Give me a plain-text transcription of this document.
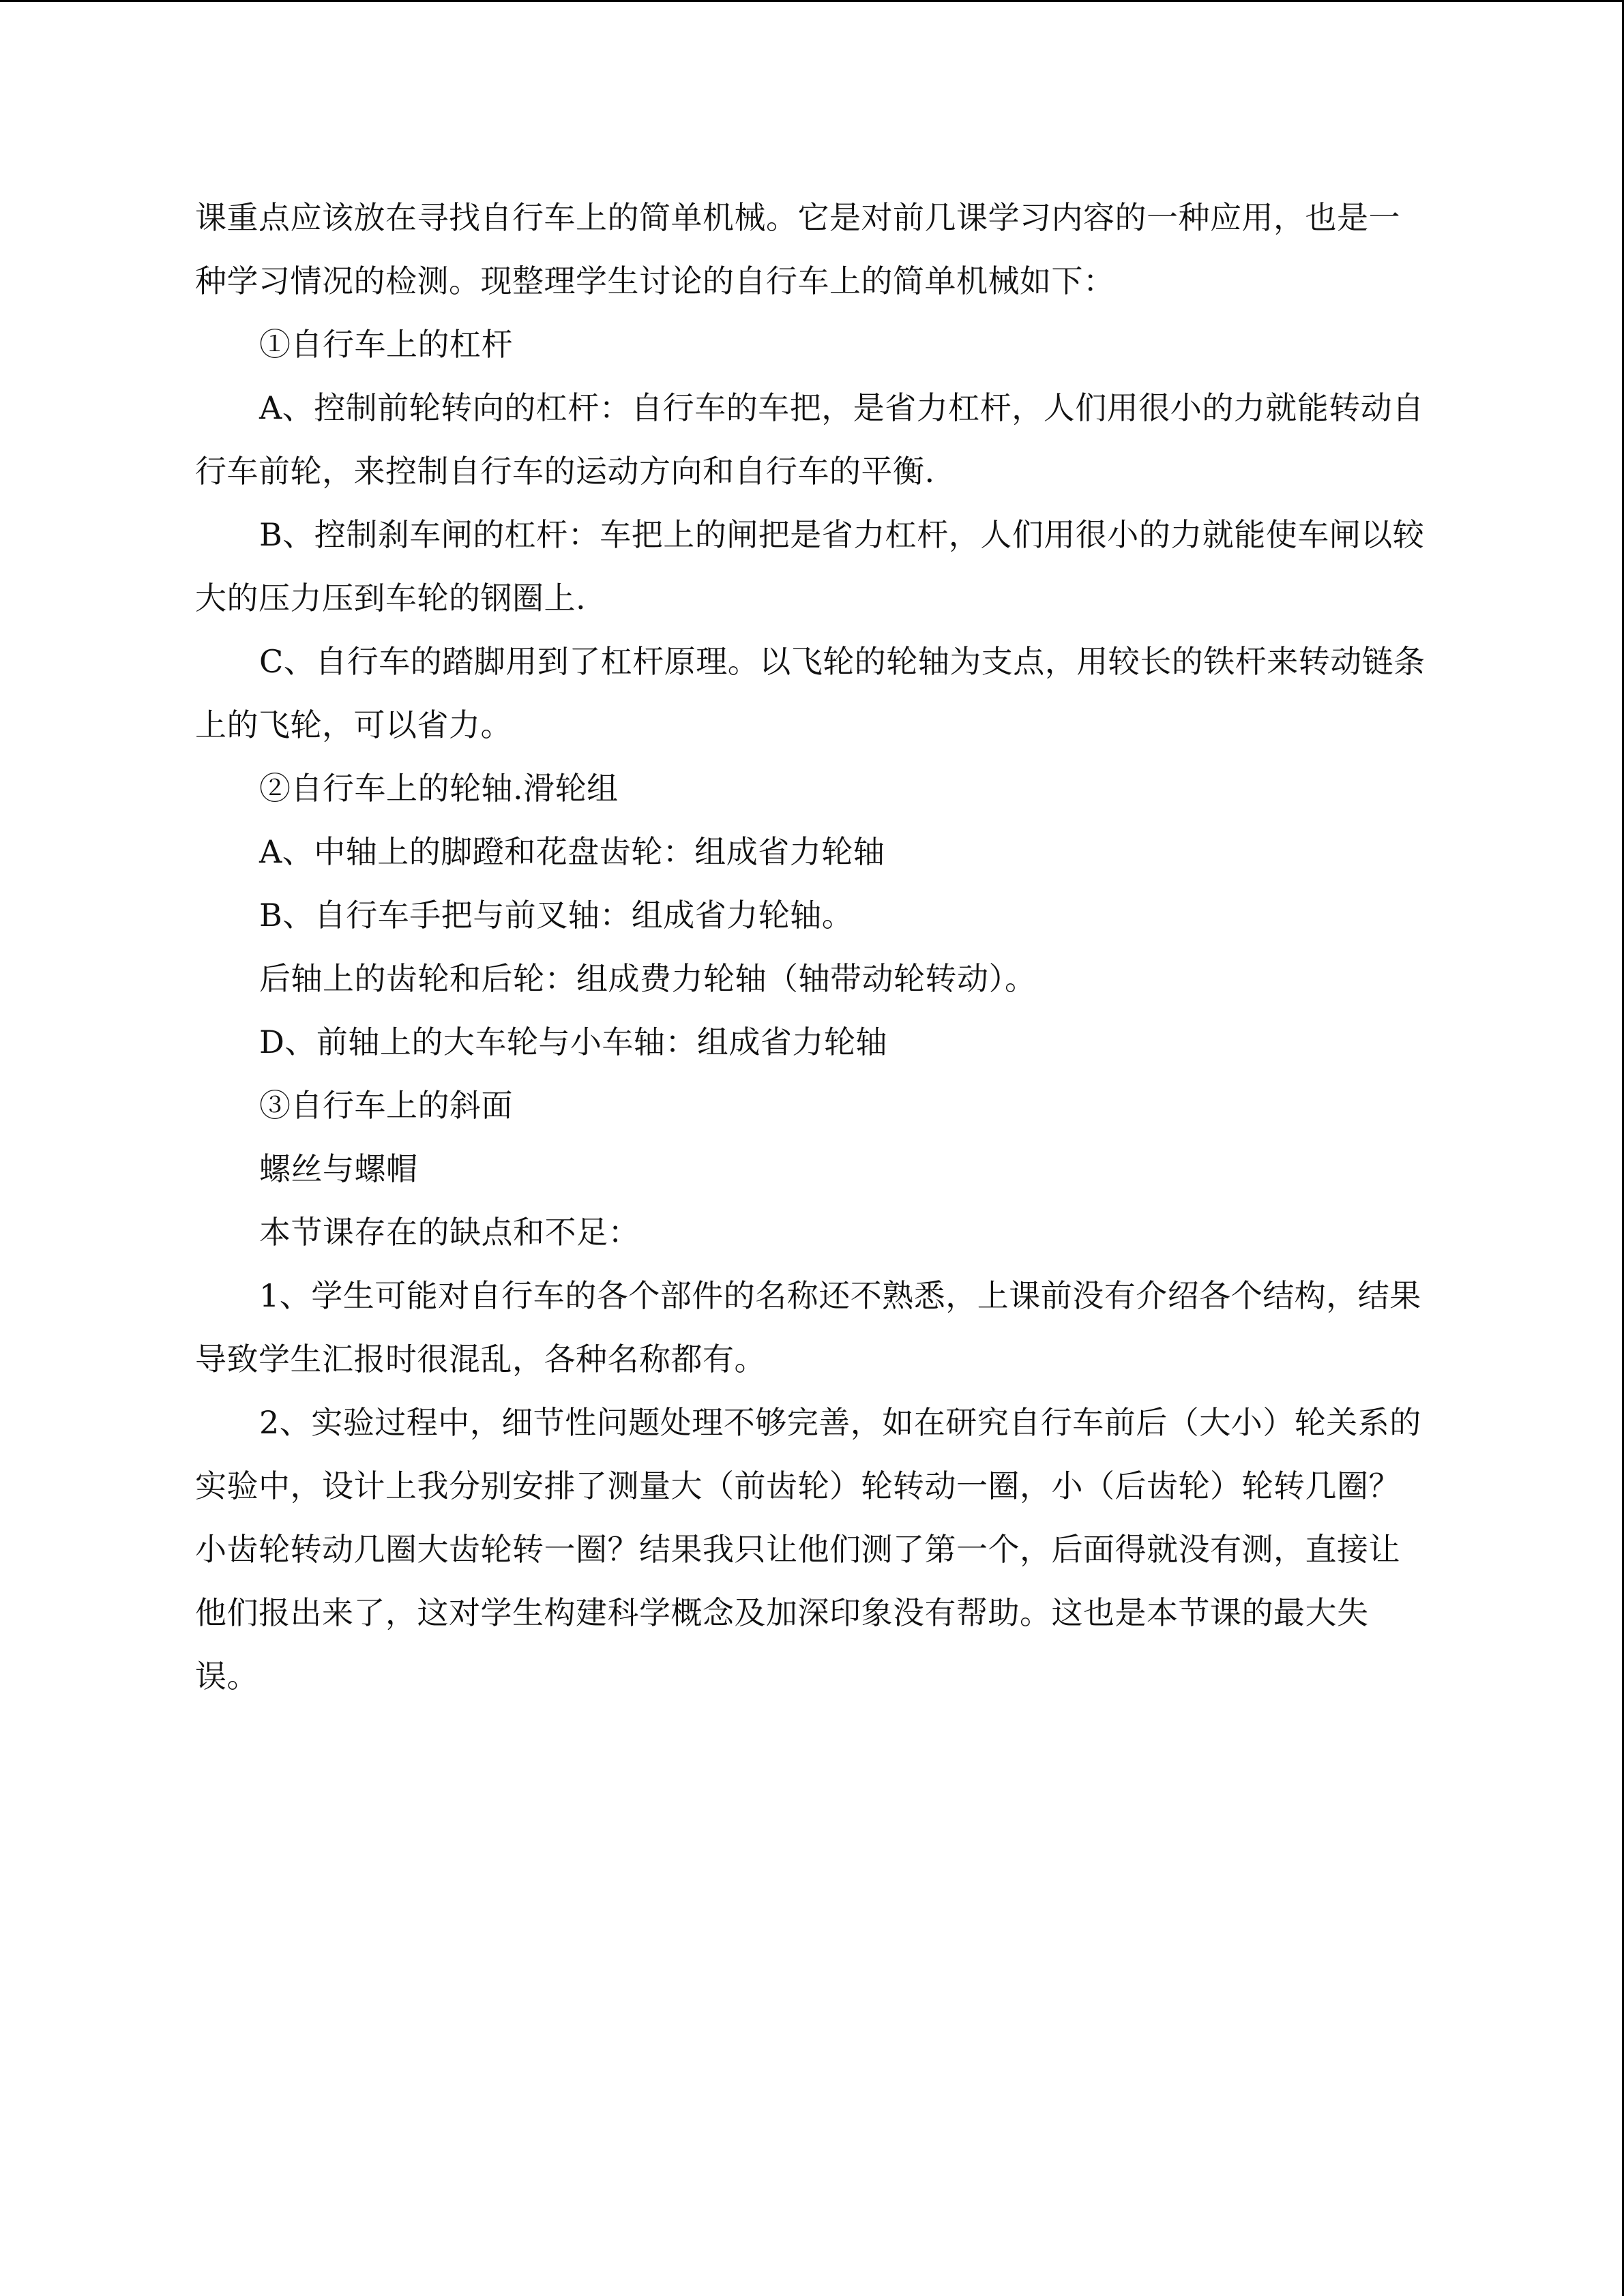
课重点应该放在寻找自行车上的简单机械。它是对前几课学习内容的一种应用，也是一种学习情况的检测。现整理学生讨论的自行车上的简单机械如下：

①自行车上的杠杆

A、控制前轮转向的杠杆：自行车的车把，是省力杠杆，人们用很小的力就能转动自行车前轮，来控制自行车的运动方向和自行车的平衡.

B、控制刹车闸的杠杆：车把上的闸把是省力杠杆，人们用很小的力就能使车闸以较大的压力压到车轮的钢圈上.

C、自行车的踏脚用到了杠杆原理。以飞轮的轮轴为支点，用较长的铁杆来转动链条上的飞轮，可以省力。

②自行车上的轮轴.滑轮组

A、中轴上的脚蹬和花盘齿轮：组成省力轮轴

B、自行车手把与前叉轴：组成省力轮轴。

后轴上的齿轮和后轮：组成费力轮轴（轴带动轮转动）。

D、前轴上的大车轮与小车轴：组成省力轮轴

③自行车上的斜面

螺丝与螺帽

本节课存在的缺点和不足：

1、学生可能对自行车的各个部件的名称还不熟悉，上课前没有介绍各个结构，结果导致学生汇报时很混乱，各种名称都有。

2、实验过程中，细节性问题处理不够完善，如在研究自行车前后（大小）轮关系的实验中，设计上我分别安排了测量大（前齿轮）轮转动一圈，小（后齿轮）轮转几圈？小齿轮转动几圈大齿轮转一圈？结果我只让他们测了第一个，后面得就没有测，直接让他们报出来了，这对学生构建科学概念及加深印象没有帮助。这也是本节课的最大失误。
